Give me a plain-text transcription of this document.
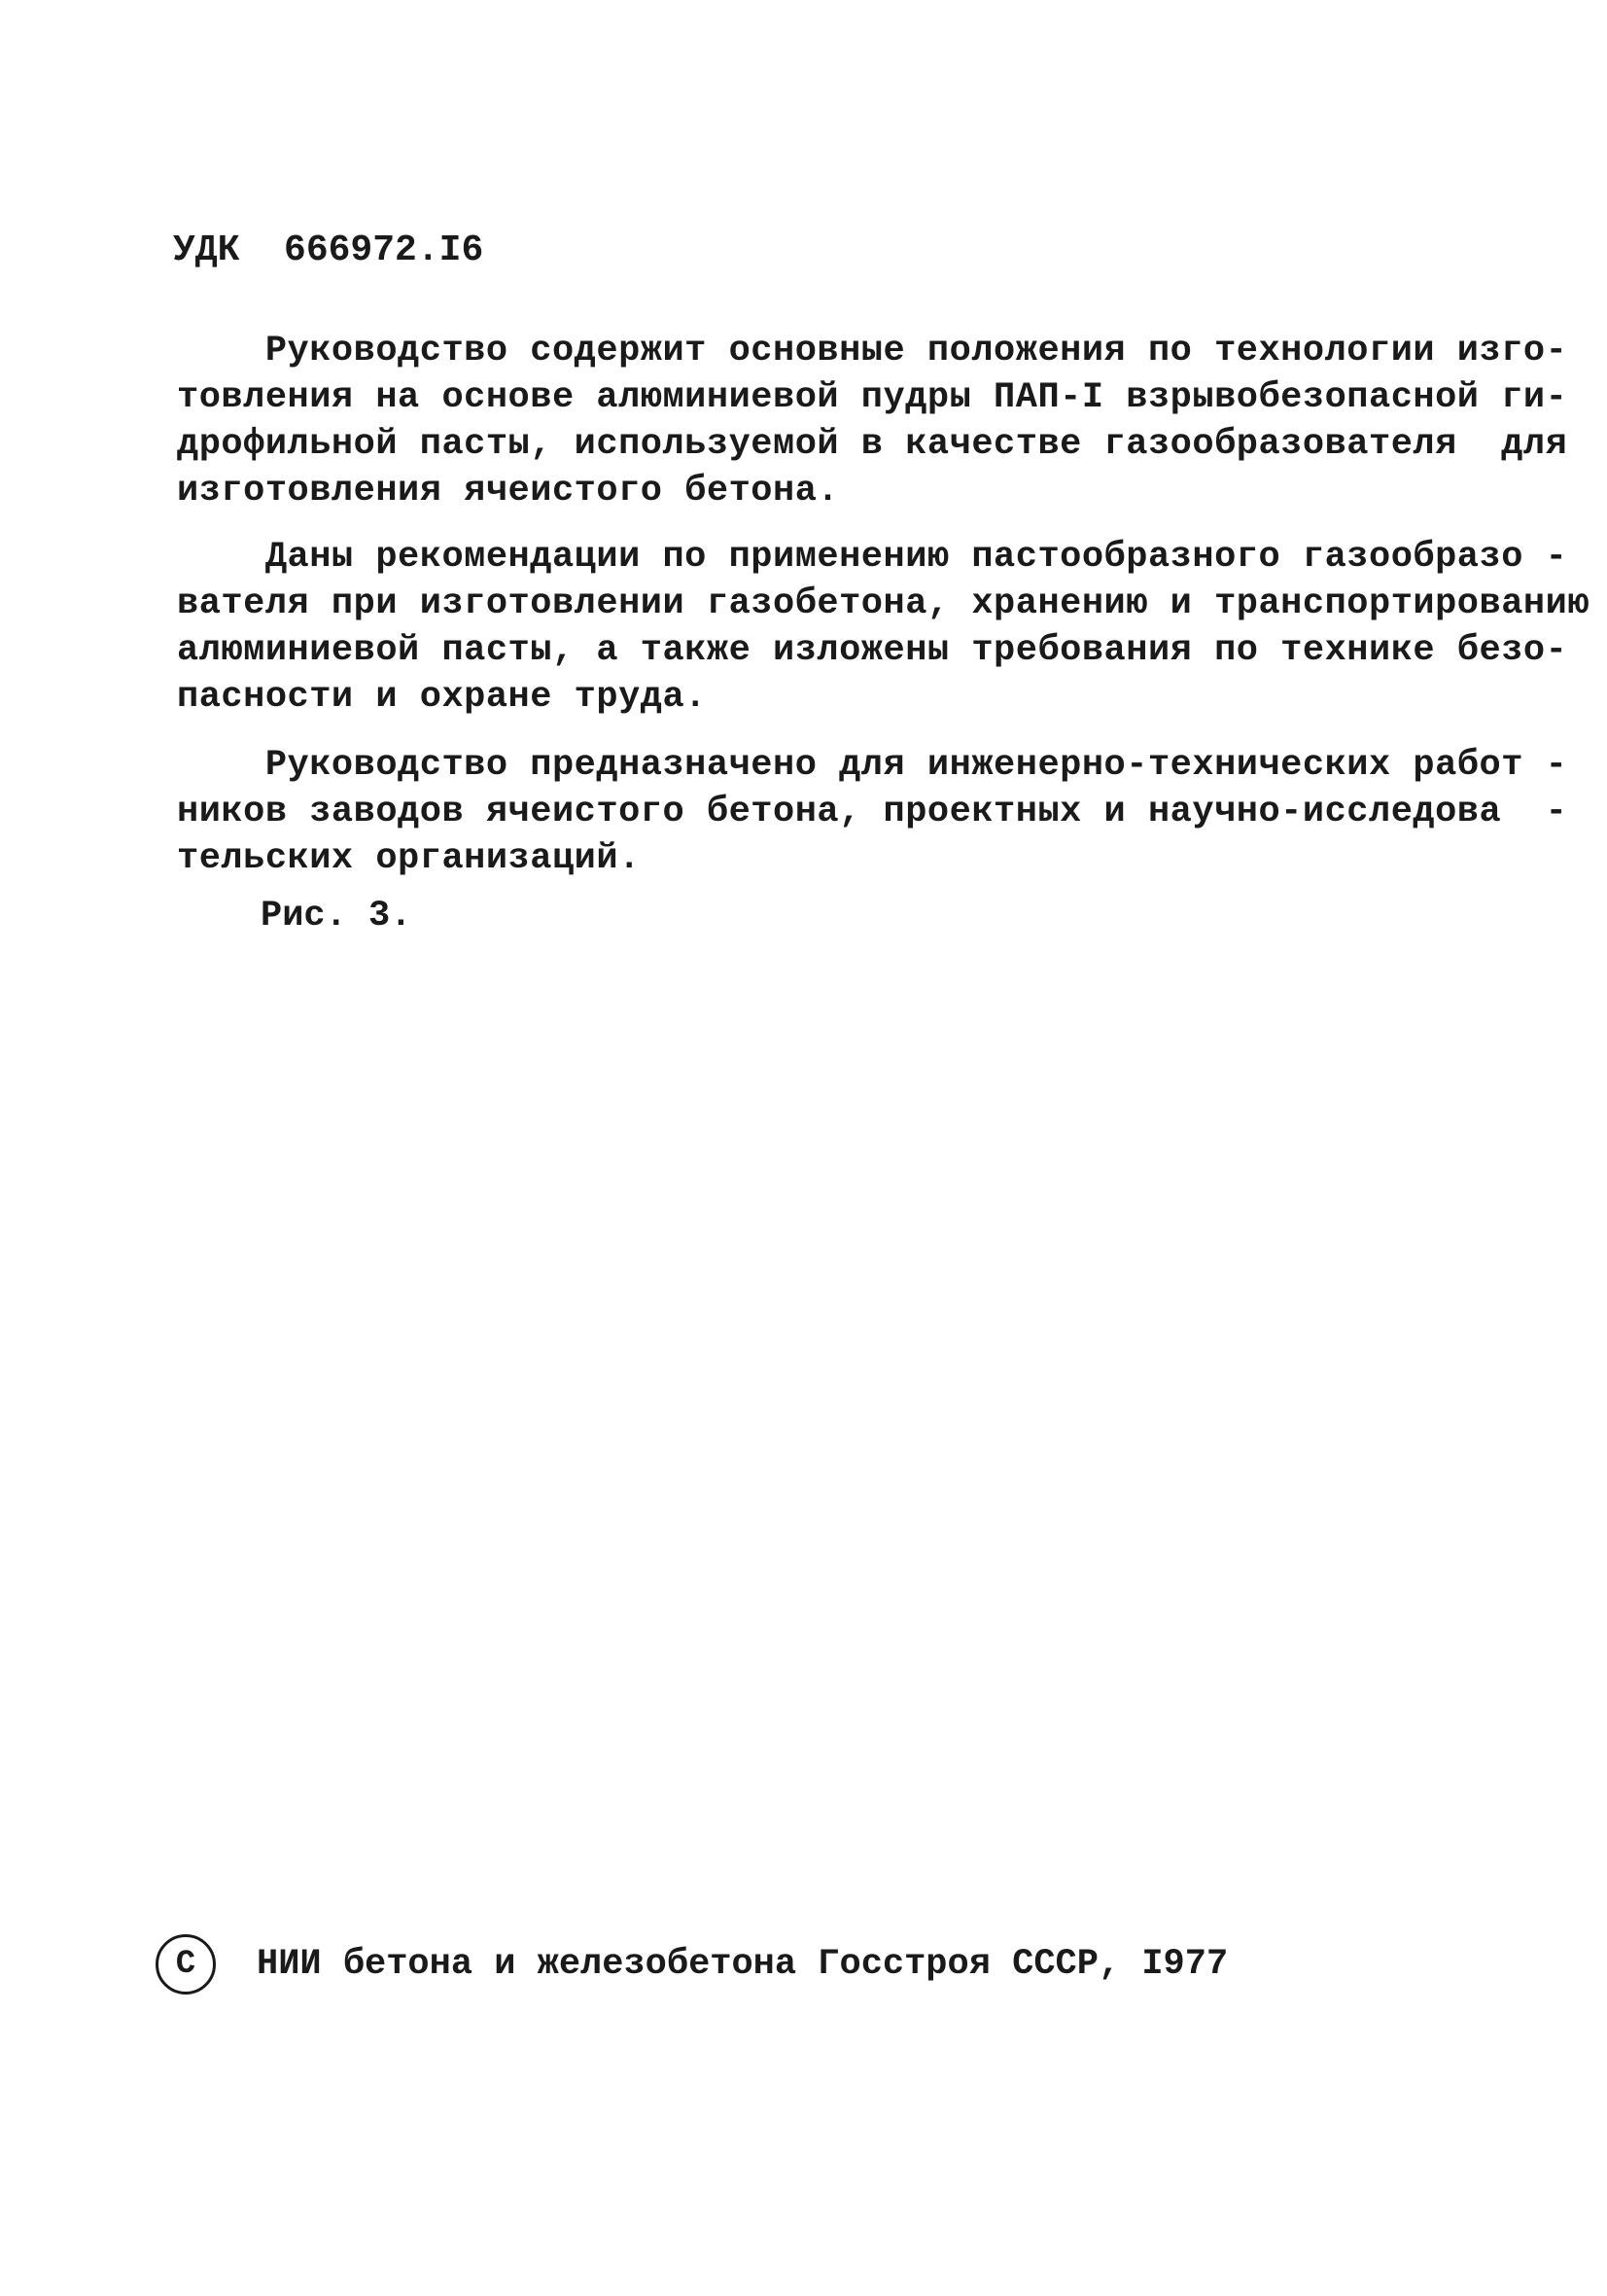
УДК  666972.I6
Руководство содержит основные положения по технологии изго-
товления на основе алюминиевой пудры ПАП-I взрывобезопасной ги-
дрофильной пасты, используемой в качестве газообразователя  для
изготовления ячеистого бетона.
Даны рекомендации по применению пастообразного газообразо -
вателя при изготовлении газобетона, хранению и транспортированию
алюминиевой пасты, а также изложены требования по технике безо-
пасности и охране труда.
Руководство предназначено для инженерно-технических работ -
ников заводов ячеистого бетона, проектных и научно-исследова  -
тельских организаций.
Рис. 3.
С НИИ бетона и железобетона Госстроя СССР, I977
